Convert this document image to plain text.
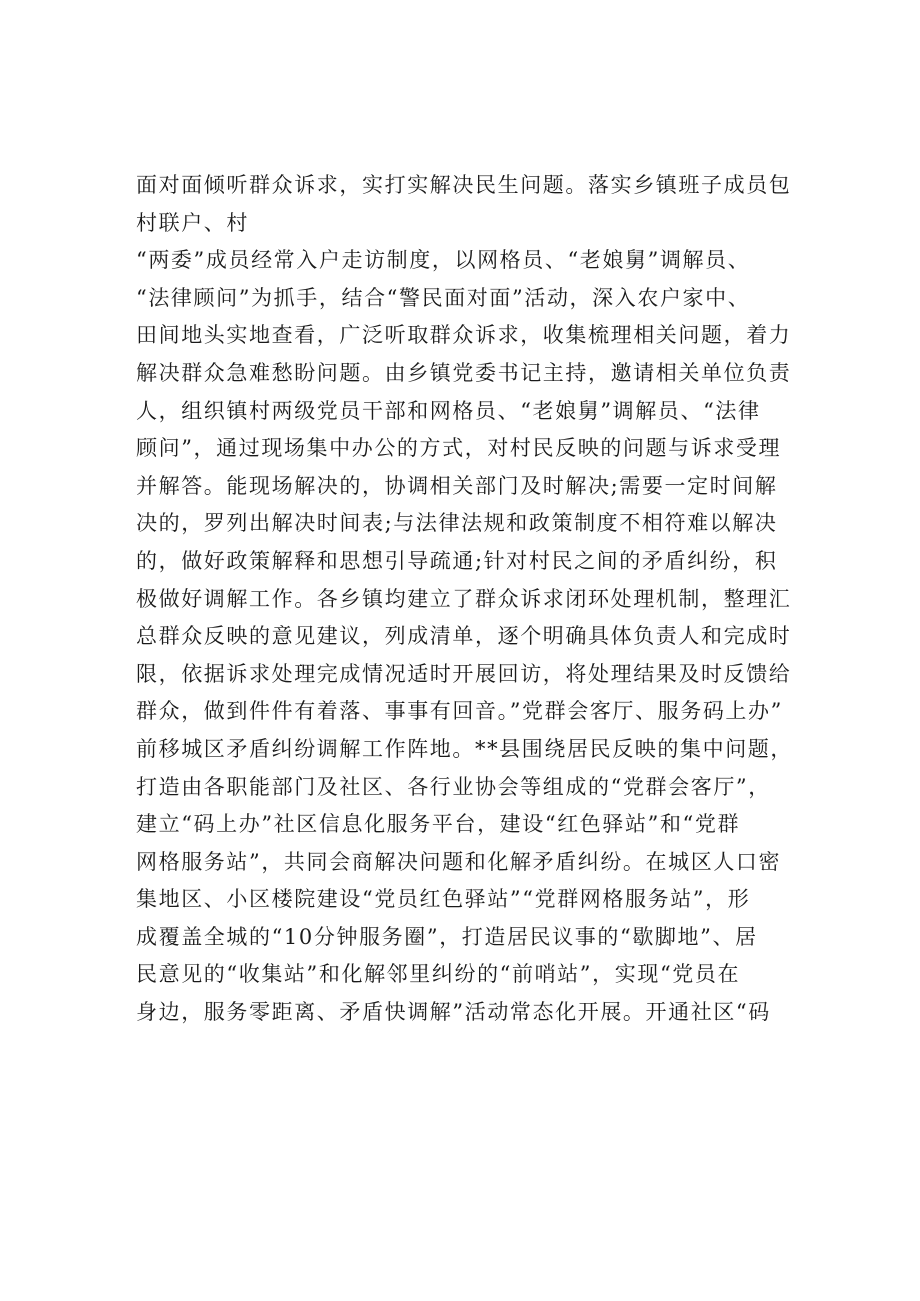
面对面倾听群众诉求，实打实解决民生问题。落实乡镇班子成员包
村联户、村
“两委”成员经常入户走访制度，以网格员、“老娘舅”调解员、
“法律顾问”为抓手，结合“警民面对面”活动，深入农户家中、
田间地头实地查看，广泛听取群众诉求，收集梳理相关问题，着力
解决群众急难愁盼问题。由乡镇党委书记主持，邀请相关单位负责
人，组织镇村两级党员干部和网格员、“老娘舅”调解员、“法律
顾问”，通过现场集中办公的方式，对村民反映的问题与诉求受理
并解答。能现场解决的，协调相关部门及时解决;需要一定时间解
决的，罗列出解决时间表;与法律法规和政策制度不相符难以解决
的，做好政策解释和思想引导疏通;针对村民之间的矛盾纠纷，积
极做好调解工作。各乡镇均建立了群众诉求闭环处理机制，整理汇
总群众反映的意见建议，列成清单，逐个明确具体负责人和完成时
限，依据诉求处理完成情况适时开展回访，将处理结果及时反馈给
群众，做到件件有着落、事事有回音。”党群会客厅、服务码上办”
前移城区矛盾纠纷调解工作阵地。**县围绕居民反映的集中问题，
打造由各职能部门及社区、各行业协会等组成的“党群会客厅”，
建立“码上办”社区信息化服务平台，建设“红色驿站”和“党群
网格服务站”，共同会商解决问题和化解矛盾纠纷。在城区人口密
集地区、小区楼院建设“党员红色驿站”“党群网格服务站”，形
成覆盖全城的“10分钟服务圈”，打造居民议事的“歇脚地”、居
民意见的“收集站”和化解邻里纠纷的“前哨站”，实现“党员在
身边，服务零距离、矛盾快调解”活动常态化开展。开通社区“码
